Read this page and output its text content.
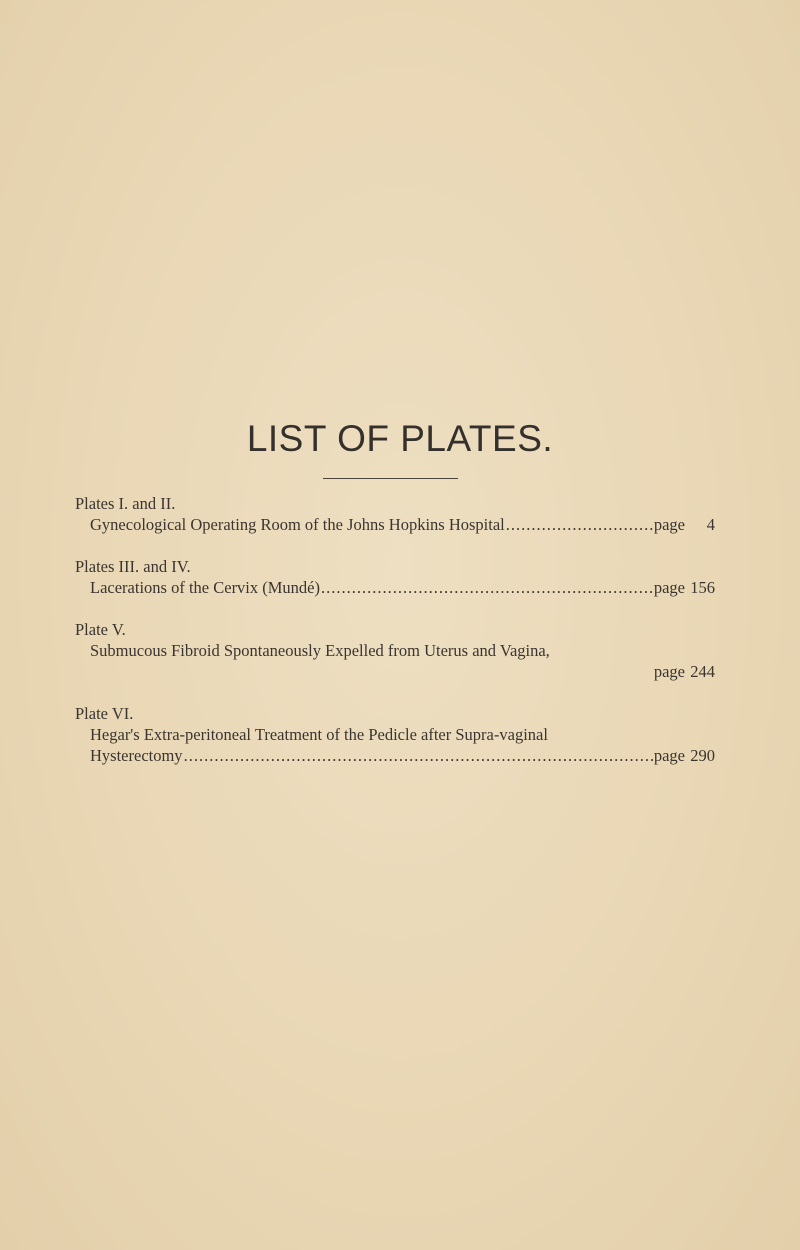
LIST OF PLATES.
Plates I. and II.
Gynecological Operating Room of the Johns Hopkins Hospital .....	page 4
Plates III. and IV.
Lacerations of the Cervix (Mundé) .....	page 156
Plate V.
Submucous Fibroid Spontaneously Expelled from Uterus and Vagina,
page 244
Plate VI.
Hegar's Extra-peritoneal Treatment of the Pedicle after Supra-vaginal
Hysterectomy .....	page 290
